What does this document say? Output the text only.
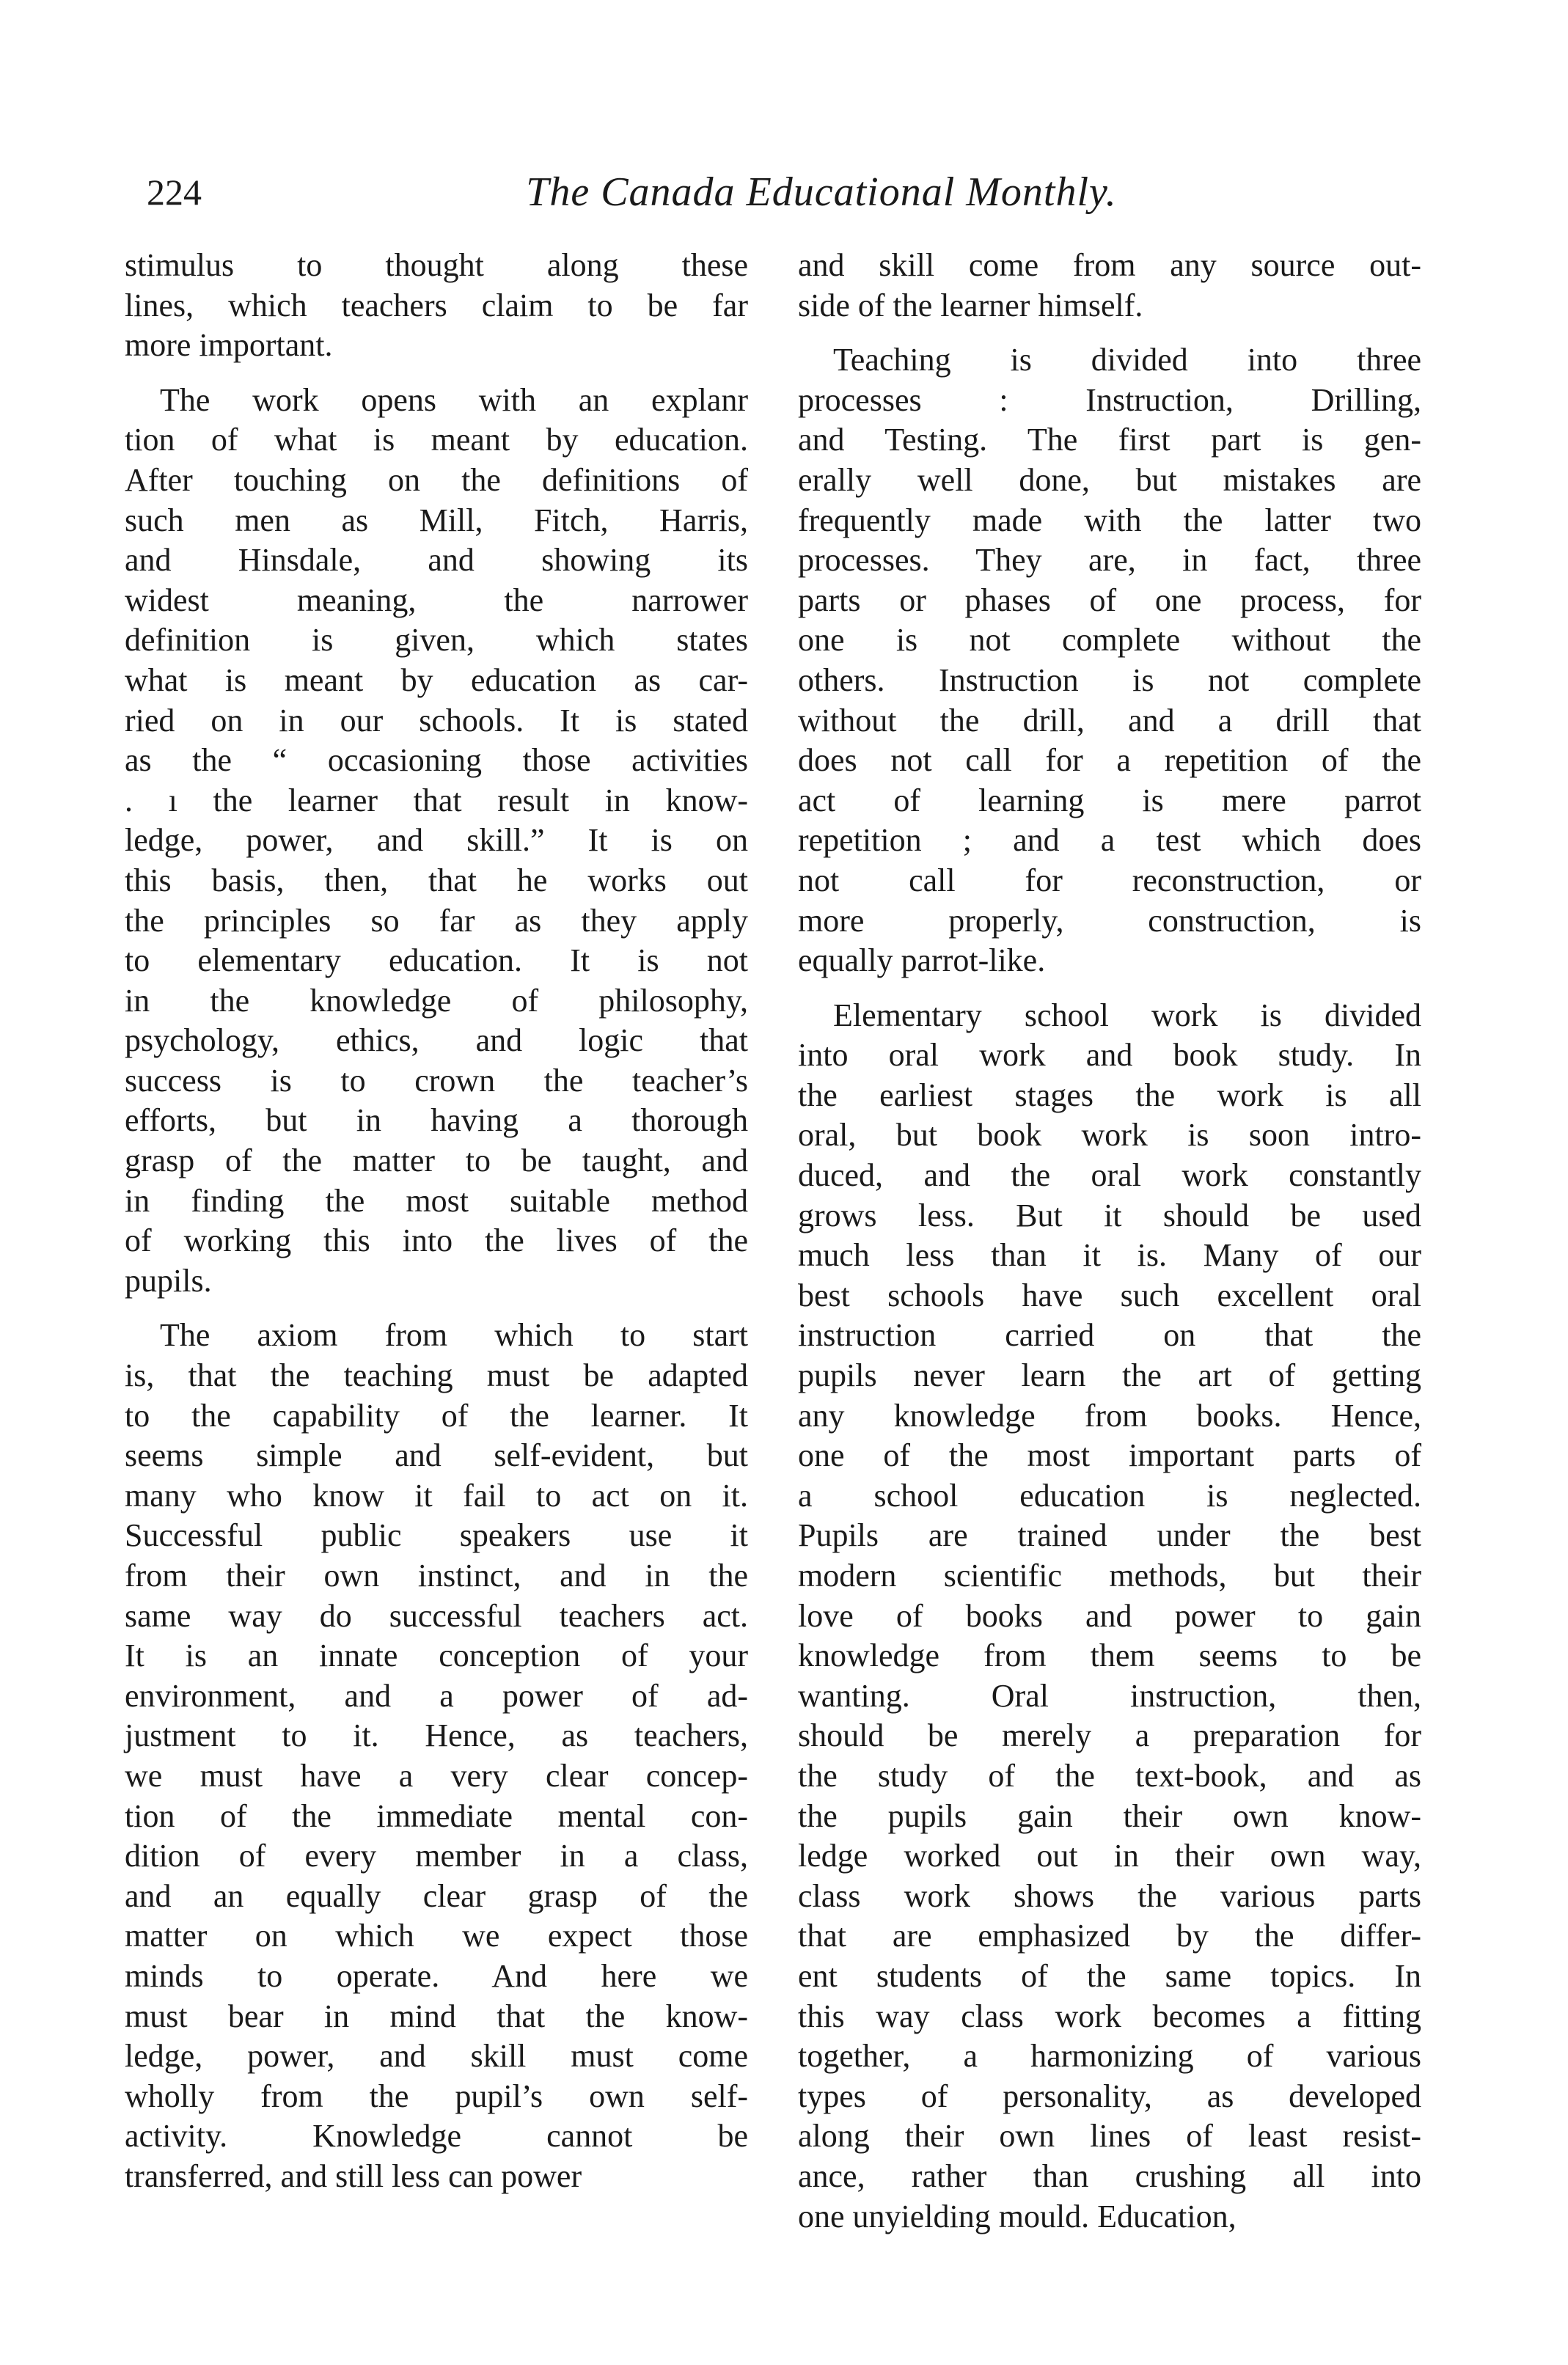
224	The Canada Educational Monthly.
stimulus to thought along these
lines, which teachers claim to be far
more important.
The work opens with an explanr
tion of what is meant by education.
After touching on the definitions of
such men as Mill, Fitch, Harris,
and Hinsdale, and showing its
widest meaning, the narrower
definition is given, which states
what is meant by education as car-
ried on in our schools. It is stated
as the “ occasioning those activities
. ı the learner that result in know-
ledge, power, and skill.” It is on
this basis, then, that he works out
the principles so far as they apply
to elementary education. It is not
in the knowledge of philosophy,
psychology, ethics, and logic that
success is to crown the teacher’s
efforts, but in having a thorough
grasp of the matter to be taught, and
in finding the most suitable method
of working this into the lives of the
pupils.
The axiom from which to start
is, that the teaching must be adapted
to the capability of the learner. It
seems simple and self-evident, but
many who know it fail to act on it.
Successful public speakers use it
from their own instinct, and in the
same way do successful teachers act.
It is an innate conception of your
environment, and a power of ad-
justment to it. Hence, as teachers,
we must have a very clear concep-
tion of the immediate mental con-
dition of every member in a class,
and an equally clear grasp of the
matter on which we expect those
minds to operate. And here we
must bear in mind that the know-
ledge, power, and skill must come
wholly from the pupil’s own self-
activity. Knowledge cannot be
transferred, and still less can power
and skill come from any source out-
side of the learner himself.
Teaching is divided into three
processes : Instruction, Drilling,
and Testing. The first part is gen-
erally well done, but mistakes are
frequently made with the latter two
processes. They are, in fact, three
parts or phases of one process, for
one is not complete without the
others. Instruction is not complete
without the drill, and a drill that
does not call for a repetition of the
act of learning is mere parrot
repetition ; and a test which does
not call for reconstruction, or
more properly, construction, is
equally parrot-like.
Elementary school work is divided
into oral work and book study. In
the earliest stages the work is all
oral, but book work is soon intro-
duced, and the oral work constantly
grows less. But it should be used
much less than it is. Many of our
best schools have such excellent oral
instruction carried on that the
pupils never learn the art of getting
any knowledge from books. Hence,
one of the most important parts of
a school education is neglected.
Pupils are trained under the best
modern scientific methods, but their
love of books and power to gain
knowledge from them seems to be
wanting. Oral instruction, then,
should be merely a preparation for
the study of the text-book, and as
the pupils gain their own know-
ledge worked out in their own way,
class work shows the various parts
that are emphasized by the differ-
ent students of the same topics. In
this way class work becomes a fitting
together, a harmonizing of various
types of personality, as developed
along their own lines of least resist-
ance, rather than crushing all into
one unyielding mould. Education,
